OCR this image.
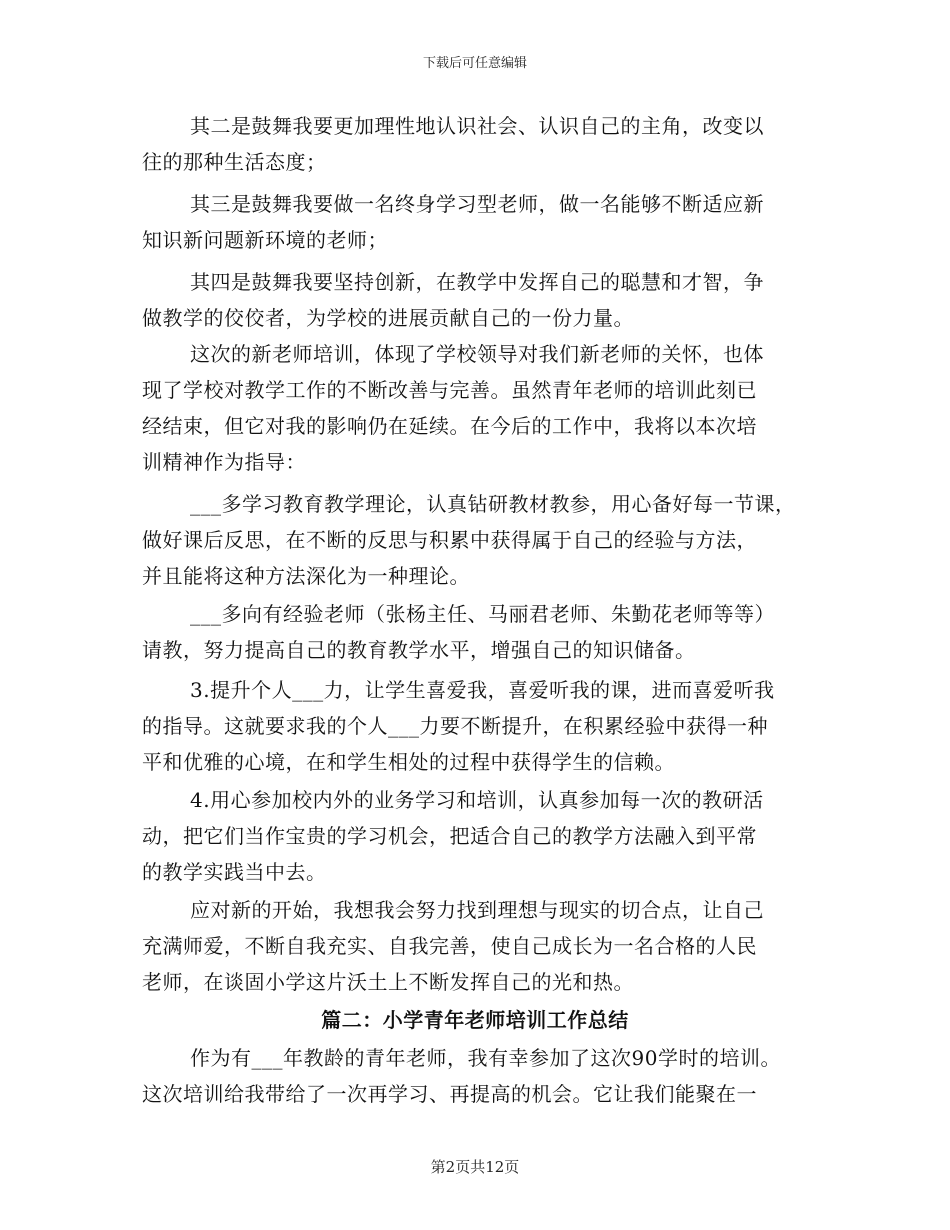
下载后可任意编辑
其二是鼓舞我要更加理性地认识社会、认识自己的主角，改变以
往的那种生活态度；
其三是鼓舞我要做一名终身学习型老师，做一名能够不断适应新
知识新问题新环境的老师；
其四是鼓舞我要坚持创新，在教学中发挥自己的聪慧和才智，争
做教学的佼佼者，为学校的进展贡献自己的一份力量。
这次的新老师培训，体现了学校领导对我们新老师的关怀，也体
现了学校对教学工作的不断改善与完善。虽然青年老师的培训此刻已
经结束，但它对我的影响仍在延续。在今后的工作中，我将以本次培
训精神作为指导：
___多学习教育教学理论，认真钻研教材教参，用心备好每一节课，
做好课后反思，在不断的反思与积累中获得属于自己的经验与方法，
并且能将这种方法深化为一种理论。
___多向有经验老师（张杨主任、马丽君老师、朱勤花老师等等）
请教，努力提高自己的教育教学水平，增强自己的知识储备。
3.提升个人___力，让学生喜爱我，喜爱听我的课，进而喜爱听我
的指导。这就要求我的个人___力要不断提升，在积累经验中获得一种
平和优雅的心境，在和学生相处的过程中获得学生的信赖。
4.用心参加校内外的业务学习和培训，认真参加每一次的教研活
动，把它们当作宝贵的学习机会，把适合自己的教学方法融入到平常
的教学实践当中去。
应对新的开始，我想我会努力找到理想与现实的切合点，让自己
充满师爱，不断自我充实、自我完善，使自己成长为一名合格的人民
老师，在谈固小学这片沃土上不断发挥自己的光和热。
篇二：小学青年老师培训工作总结
作为有___年教龄的青年老师，我有幸参加了这次90学时的培训。
这次培训给我带给了一次再学习、再提高的机会。它让我们能聚在一
第2页共12页
